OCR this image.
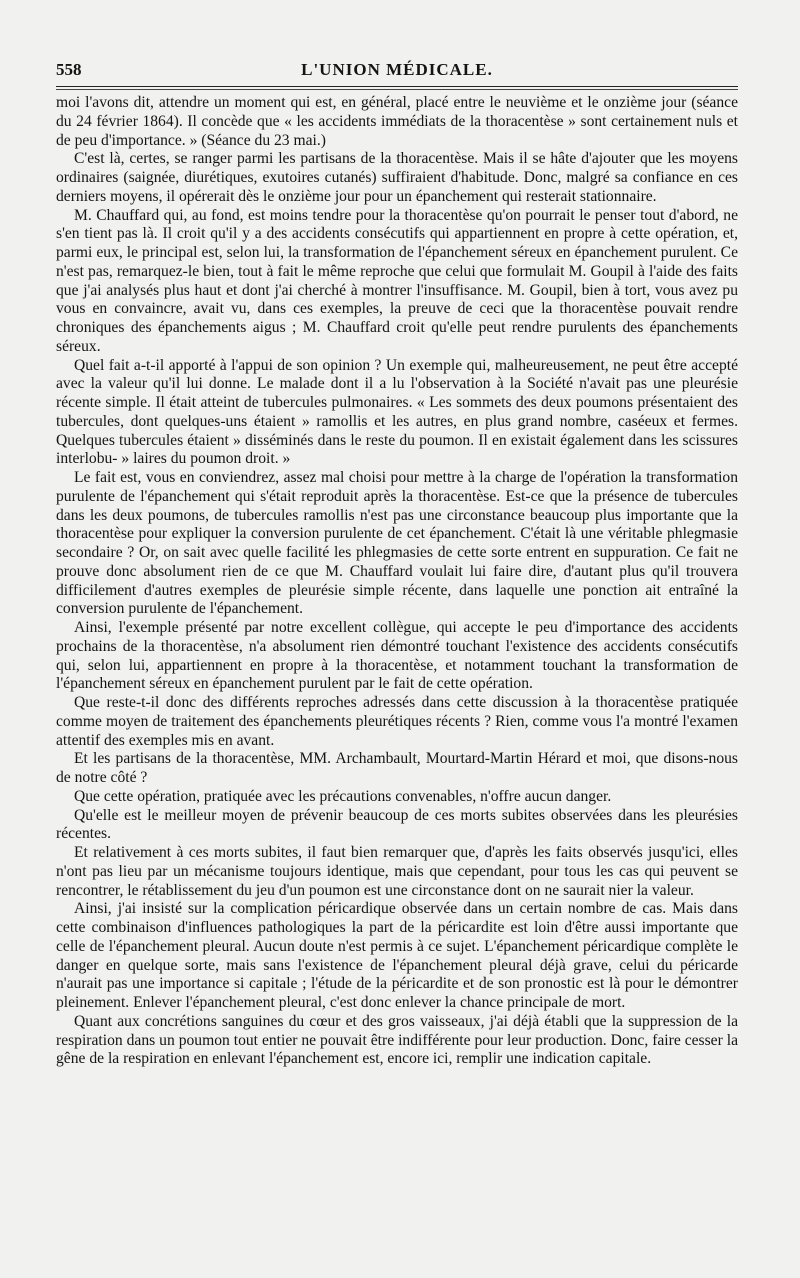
558	L'UNION MÉDICALE.

moi l'avons dit, attendre un moment qui est, en général, placé entre le neuvième et le onzième jour (séance du 24 février 1864). Il concède que « les accidents immédiats de la thoracentèse » sont certainement nuls et de peu d'importance. » (Séance du 23 mai.)

C'est là, certes, se ranger parmi les partisans de la thoracentèse. Mais il se hâte d'ajouter que les moyens ordinaires (saignée, diurétiques, exutoires cutanés) suffiraient d'habitude. Donc, malgré sa confiance en ces derniers moyens, il opérerait dès le onzième jour pour un épanchement qui resterait stationnaire.

M. Chauffard qui, au fond, est moins tendre pour la thoracentèse qu'on pourrait le penser tout d'abord, ne s'en tient pas là. Il croit qu'il y a des accidents consécutifs qui appartiennent en propre à cette opération, et, parmi eux, le principal est, selon lui, la transformation de l'épanchement séreux en épanchement purulent. Ce n'est pas, remarquez-le bien, tout à fait le même reproche que celui que formulait M. Goupil à l'aide des faits que j'ai analysés plus haut et dont j'ai cherché à montrer l'insuffisance. M. Goupil, bien à tort, vous avez pu vous en convaincre, avait vu, dans ces exemples, la preuve de ceci que la thoracentèse pouvait rendre chroniques des épanchements aigus ; M. Chauffard croit qu'elle peut rendre purulents des épanchements séreux.

Quel fait a-t-il apporté à l'appui de son opinion ? Un exemple qui, malheureusement, ne peut être accepté avec la valeur qu'il lui donne. Le malade dont il a lu l'observation à la Société n'avait pas une pleurésie récente simple. Il était atteint de tubercules pulmonaires. « Les sommets des deux poumons présentaient des tubercules, dont quelques-uns étaient » ramollis et les autres, en plus grand nombre, caséeux et fermes. Quelques tubercules étaient » disséminés dans le reste du poumon. Il en existait également dans les scissures interlobu- » laires du poumon droit. »

Le fait est, vous en conviendrez, assez mal choisi pour mettre à la charge de l'opération la transformation purulente de l'épanchement qui s'était reproduit après la thoracentèse. Est-ce que la présence de tubercules dans les deux poumons, de tubercules ramollis n'est pas une circonstance beaucoup plus importante que la thoracentèse pour expliquer la conversion purulente de cet épanchement. C'était là une véritable phlegmasie secondaire ? Or, on sait avec quelle facilité les phlegmasies de cette sorte entrent en suppuration. Ce fait ne prouve donc absolument rien de ce que M. Chauffard voulait lui faire dire, d'autant plus qu'il trouvera difficilement d'autres exemples de pleurésie simple récente, dans laquelle une ponction ait entraîné la conversion purulente de l'épanchement.

Ainsi, l'exemple présenté par notre excellent collègue, qui accepte le peu d'importance des accidents prochains de la thoracentèse, n'a absolument rien démontré touchant l'existence des accidents consécutifs qui, selon lui, appartiennent en propre à la thoracentèse, et notamment touchant la transformation de l'épanchement séreux en épanchement purulent par le fait de cette opération.

Que reste-t-il donc des différents reproches adressés dans cette discussion à la thoracentèse pratiquée comme moyen de traitement des épanchements pleurétiques récents ? Rien, comme vous l'a montré l'examen attentif des exemples mis en avant.

Et les partisans de la thoracentèse, MM. Archambault, Mourtard-Martin Hérard et moi, que disons-nous de notre côté ?

Que cette opération, pratiquée avec les précautions convenables, n'offre aucun danger.

Qu'elle est le meilleur moyen de prévenir beaucoup de ces morts subites observées dans les pleurésies récentes.

Et relativement à ces morts subites, il faut bien remarquer que, d'après les faits observés jusqu'ici, elles n'ont pas lieu par un mécanisme toujours identique, mais que cependant, pour tous les cas qui peuvent se rencontrer, le rétablissement du jeu d'un poumon est une circonstance dont on ne saurait nier la valeur.

Ainsi, j'ai insisté sur la complication péricardique observée dans un certain nombre de cas. Mais dans cette combinaison d'influences pathologiques la part de la péricardite est loin d'être aussi importante que celle de l'épanchement pleural. Aucun doute n'est permis à ce sujet. L'épanchement péricardique complète le danger en quelque sorte, mais sans l'existence de l'épanchement pleural déjà grave, celui du péricarde n'aurait pas une importance si capitale ; l'étude de la péricardite et de son pronostic est là pour le démontrer pleinement. Enlever l'épanchement pleural, c'est donc enlever la chance principale de mort.

Quant aux concrétions sanguines du cœur et des gros vaisseaux, j'ai déjà établi que la suppression de la respiration dans un poumon tout entier ne pouvait être indifférente pour leur production. Donc, faire cesser la gêne de la respiration en enlevant l'épanchement est, encore ici, remplir une indication capitale.
